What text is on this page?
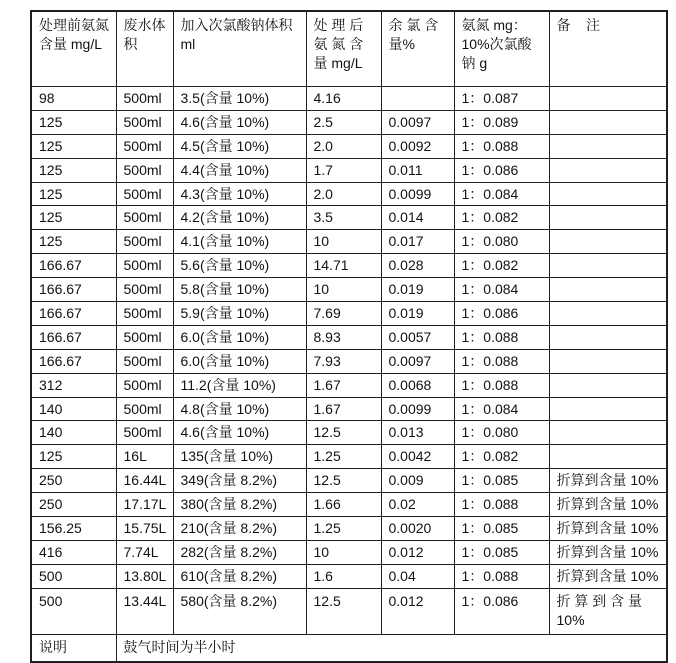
处理前氨氮含量 mg/L	废水体积	加入次氯酸钠体积ml	处 理 后 氨 氮 含 量 mg/L	余 氯 含 量%	氨氮 mg：10%次氯酸钠 g	备    注
98	500ml	3.5(含量 10%)	4.16		1：0.087	
125	500ml	4.6(含量 10%)	2.5	0.0097	1：0.089	
125	500ml	4.5(含量 10%)	2.0	0.0092	1：0.088	
125	500ml	4.4(含量 10%)	1.7	0.011	1：0.086	
125	500ml	4.3(含量 10%)	2.0	0.0099	1：0.084	
125	500ml	4.2(含量 10%)	3.5	0.014	1：0.082	
125	500ml	4.1(含量 10%)	10	0.017	1：0.080	
166.67	500ml	5.6(含量 10%)	14.71	0.028	1：0.082	
166.67	500ml	5.8(含量 10%)	10	0.019	1：0.084	
166.67	500ml	5.9(含量 10%)	7.69	0.019	1：0.086	
166.67	500ml	6.0(含量 10%)	8.93	0.0057	1：0.088	
166.67	500ml	6.0(含量 10%)	7.93	0.0097	1：0.088	
312	500ml	11.2(含量 10%)	1.67	0.0068	1：0.088	
140	500ml	4.8(含量 10%)	1.67	0.0099	1：0.084	
140	500ml	4.6(含量 10%)	12.5	0.013	1：0.080	
125	16L	135(含量 10%)	1.25	0.0042	1：0.082	
250	16.44L	349(含量 8.2%)	12.5	0.009	1：0.085	折算到含量 10%
250	17.17L	380(含量 8.2%)	1.66	0.02	1：0.088	折算到含量 10%
156.25	15.75L	210(含量 8.2%)	1.25	0.0020	1：0.085	折算到含量 10%
416	7.74L	282(含量 8.2%)	10	0.012	1：0.085	折算到含量 10%
500	13.80L	610(含量 8.2%)	1.6	0.04	1：0.088	折算到含量 10%
500	13.44L	580(含量 8.2%)	12.5	0.012	1：0.086	折 算 到 含 量 10%
说明	鼓气时间为半小时					
